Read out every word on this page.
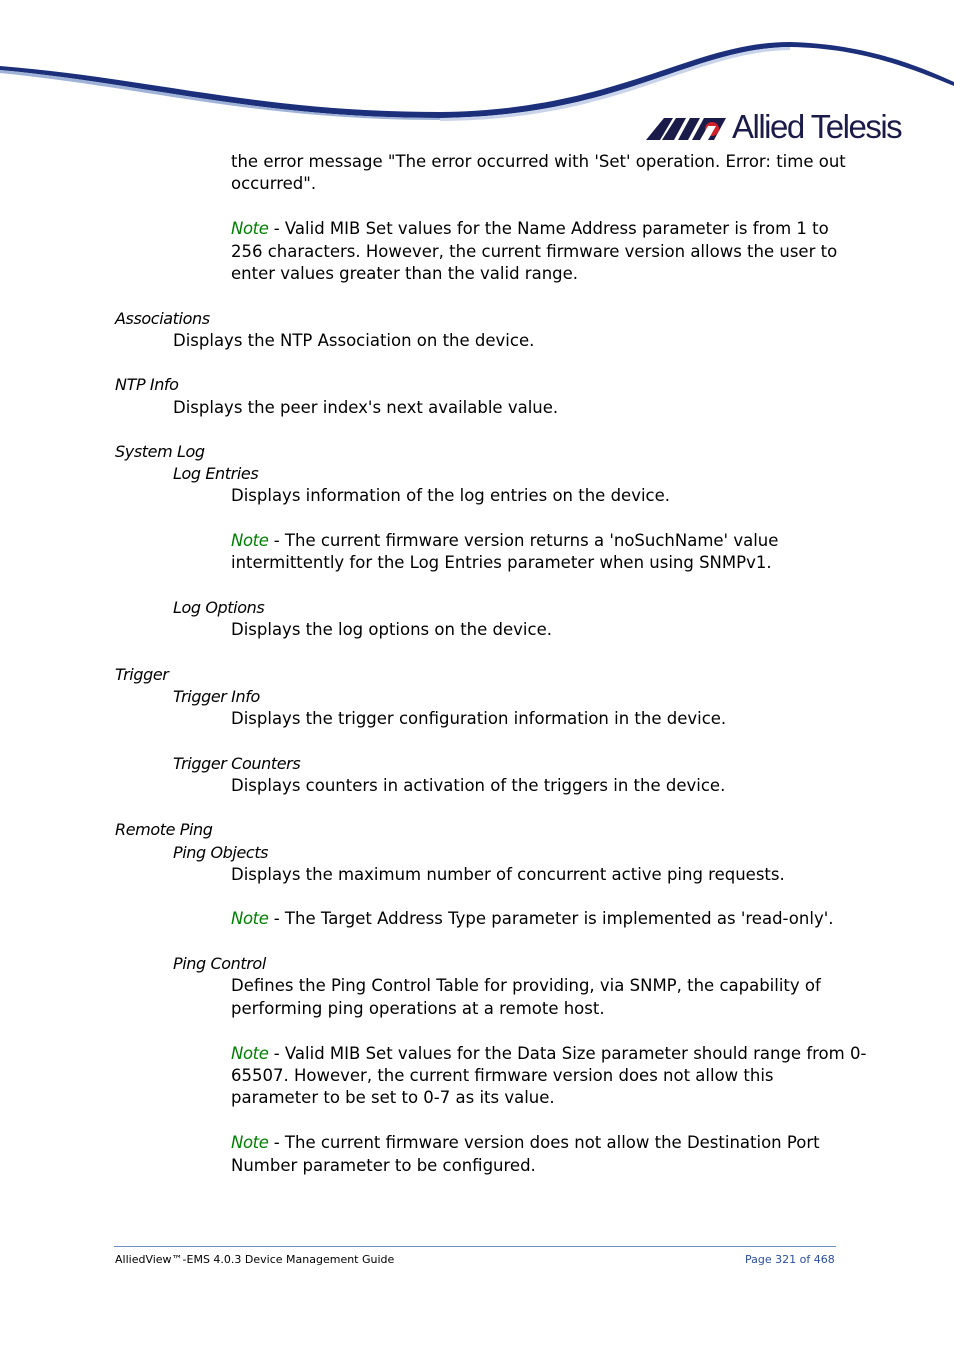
Allied Telesis
the error message "The error occurred with 'Set' operation. Error: time out
occurred".
Note - Valid MIB Set values for the Name Address parameter is from 1 to
256 characters. However, the current firmware version allows the user to
enter values greater than the valid range.
Associations
Displays the NTP Association on the device.
NTP Info
Displays the peer index's next available value.
System Log
Log Entries
Displays information of the log entries on the device.
Note - The current firmware version returns a 'noSuchName' value
intermittently for the Log Entries parameter when using SNMPv1.
Log Options
Displays the log options on the device.
Trigger
Trigger Info
Displays the trigger configuration information in the device.
Trigger Counters
Displays counters in activation of the triggers in the device.
Remote Ping
Ping Objects
Displays the maximum number of concurrent active ping requests.
Note - The Target Address Type parameter is implemented as 'read-only'.
Ping Control
Defines the Ping Control Table for providing, via SNMP, the capability of
performing ping operations at a remote host.
Note - Valid MIB Set values for the Data Size parameter should range from 0-
65507. However, the current firmware version does not allow this
parameter to be set to 0-7 as its value.
Note - The current firmware version does not allow the Destination Port
Number parameter to be configured.
AlliedView™-EMS 4.0.3 Device Management Guide	Page 321 of 468
